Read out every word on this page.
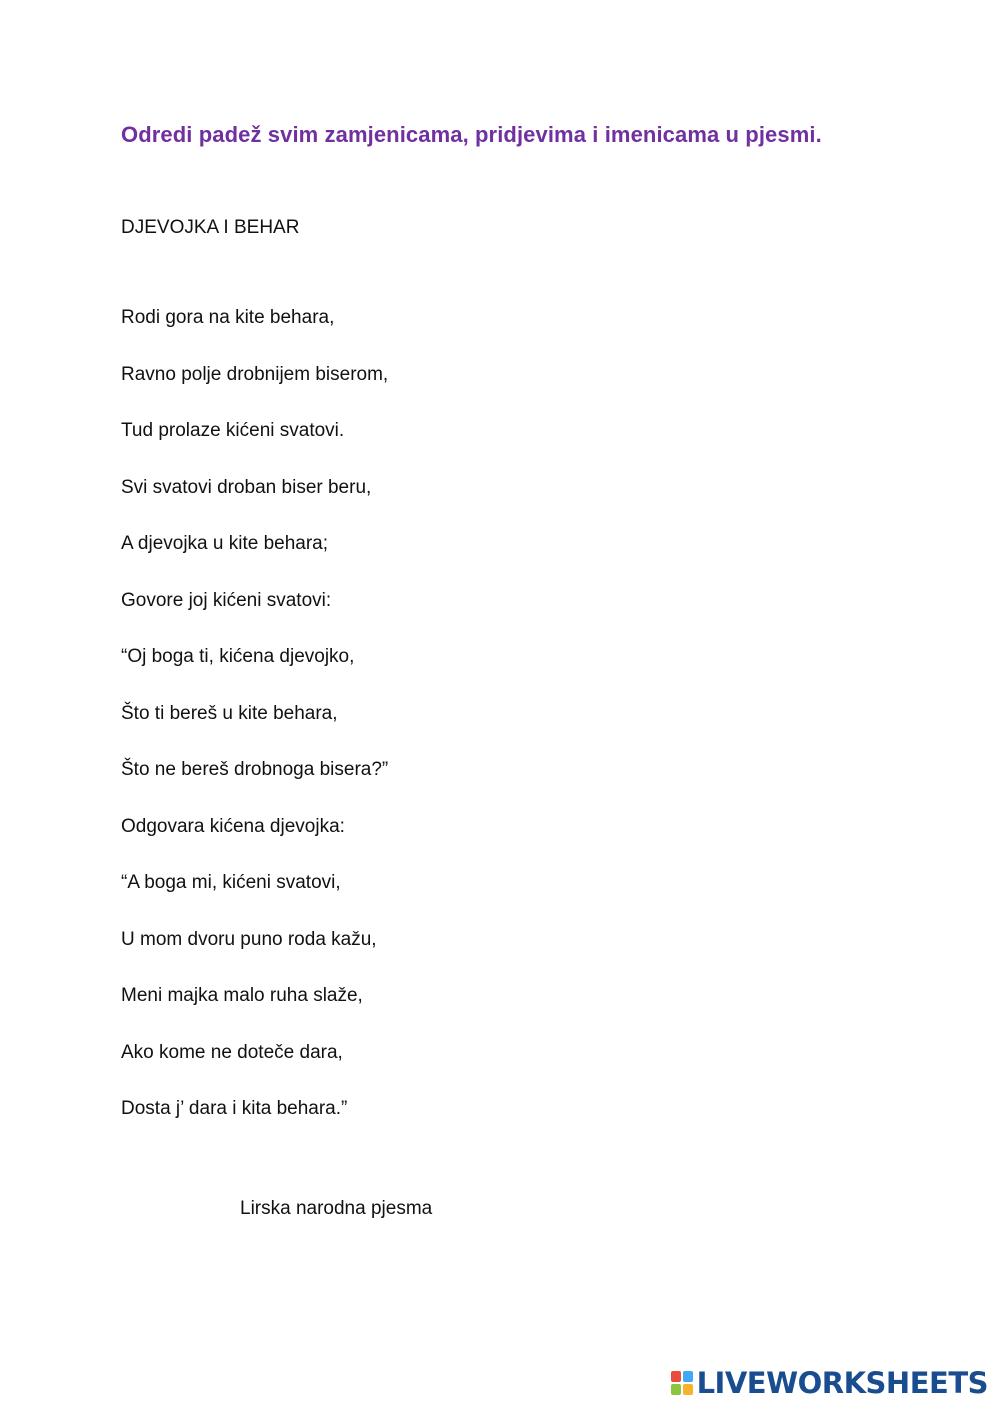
Odredi padež svim zamjenicama, pridjevima i imenicama u pjesmi.
DJEVOJKA I BEHAR
Rodi gora na kite behara,
Ravno polje drobnijem biserom,
Tud prolaze kićeni svatovi.
Svi svatovi droban biser beru,
A djevojka u kite behara;
Govore joj kićeni svatovi:
“Oj boga ti, kićena djevojko,
Što ti bereš u kite behara,
Što ne bereš drobnoga bisera?”
Odgovara kićena djevojka:
“A boga mi, kićeni svatovi,
U mom dvoru puno roda kažu,
Meni majka malo ruha slaže,
Ako kome ne doteče dara,
Dosta j’ dara i kita behara.”
Lirska narodna pjesma
LIVEWORKSHEETS
